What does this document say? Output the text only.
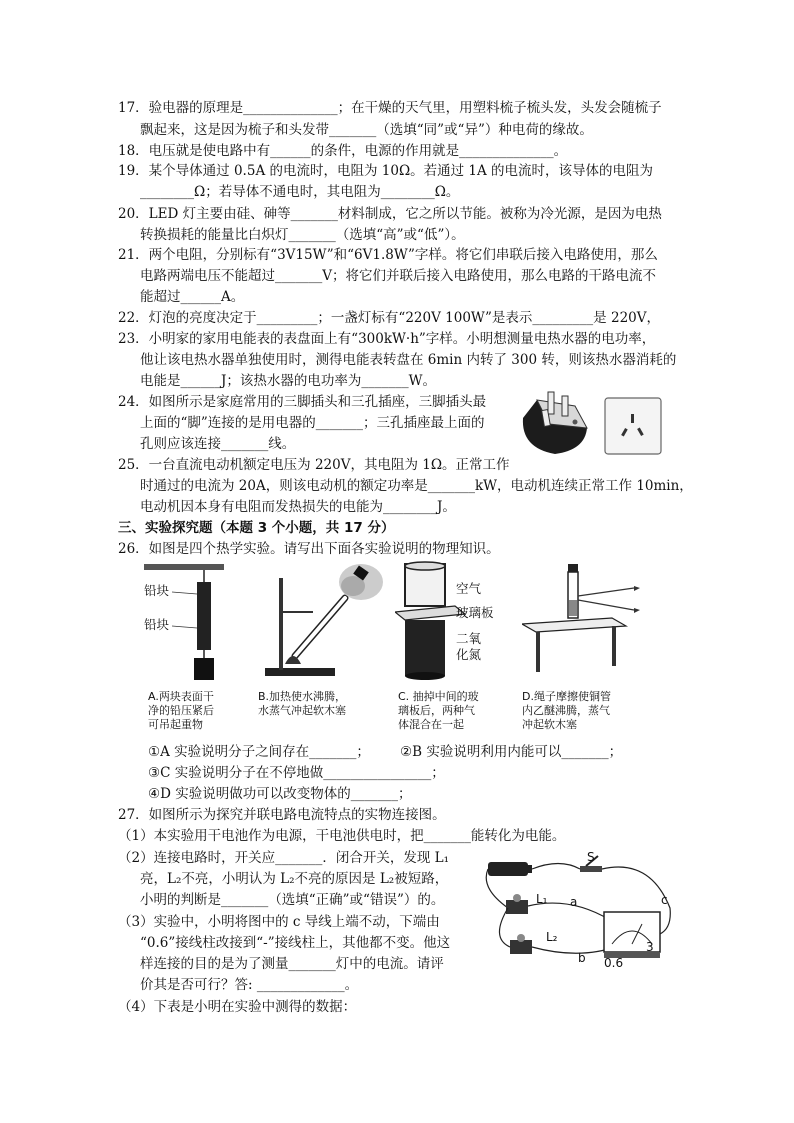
17．验电器的原理是______________；在干燥的天气里，用塑料梳子梳头发，头发会随梳子
飘起来，这是因为梳子和头发带_______（选填“同”或“异”）种电荷的缘故。
18．电压就是使电路中有______的条件，电源的作用就是______________。
19．某个导体通过 0.5A 的电流时，电阻为 10Ω。若通过 1A 的电流时，该导体的电阻为
________Ω；若导体不通电时，其电阻为________Ω。
20．LED 灯主要由硅、砷等_______材料制成，它之所以节能。被称为冷光源，是因为电热
转换损耗的能量比白炽灯_______（选填“高”或“低”）。
21．两个电阻，分别标有“3V15W”和“6V1.8W”字样。将它们串联后接入电路使用，那么
电路两端电压不能超过_______V；将它们并联后接入电路使用，那么电路的干路电流不
能超过______A。
22．灯泡的亮度决定于_________；一盏灯标有“220V 100W”是表示_________是 220V，
23．小明家的家用电能表的表盘面上有“300kW·h”字样。小明想测量电热水器的电功率，
他让该电热水器单独使用时，测得电能表转盘在 6min 内转了 300 转，则该热水器消耗的
电能是______J；该热水器的电功率为_______W。
24．如图所示是家庭常用的三脚插头和三孔插座，三脚插头最
上面的“脚”连接的是用电器的_______；三孔插座最上面的
孔则应该连接_______线。
25．一台直流电动机额定电压为 220V，其电阻为 1Ω。正常工作
时通过的电流为 20A，则该电动机的额定功率是_______kW，电动机连续正常工作 10min，
电动机因本身有电阻而发热损失的电能为________J。
三、实验探究题（本题 3 个小题，共 17 分）
26．如图是四个热学实验。请写出下面各实验说明的物理知识。
铅块
铅块
A.两块表面干
净的铅压紧后
可吊起重物
B.加热使水沸腾，
水蒸气冲起软木塞
空气
玻璃板
二氧
化氮
C. 抽掉中间的玻
璃板后，两种气
体混合在一起
D.绳子摩擦使铜管
内乙醚沸腾，蒸气
冲起软木塞
①A 实验说明分子之间存在_______； ②B 实验说明利用内能可以_______；
③C 实验说明分子在不停地做________________；
④D 实验说明做功可以改变物体的_______；
27．如图所示为探究并联电路电流特点的实物连接图。
（1）本实验用干电池作为电源，干电池供电时，把_______能转化为电能。
（2）连接电路时，开关应_______．闭合开关，发现 L₁
亮，L₂不亮，小明认为 L₂不亮的原因是 L₂被短路，
小明的判断是_______（选填“正确”或“错误”）的。
（3）实验中，小明将图中的 c 导线上端不动，下端由
“0.6”接线柱改接到“-”接线柱上，其他都不变。他这
样连接的目的是为了测量_______灯中的电流。请评
价其是否可行？答: _____________。
（4）下表是小明在实验中测得的数据：
S
L₁
L₂
a
b
c
3
0.6
